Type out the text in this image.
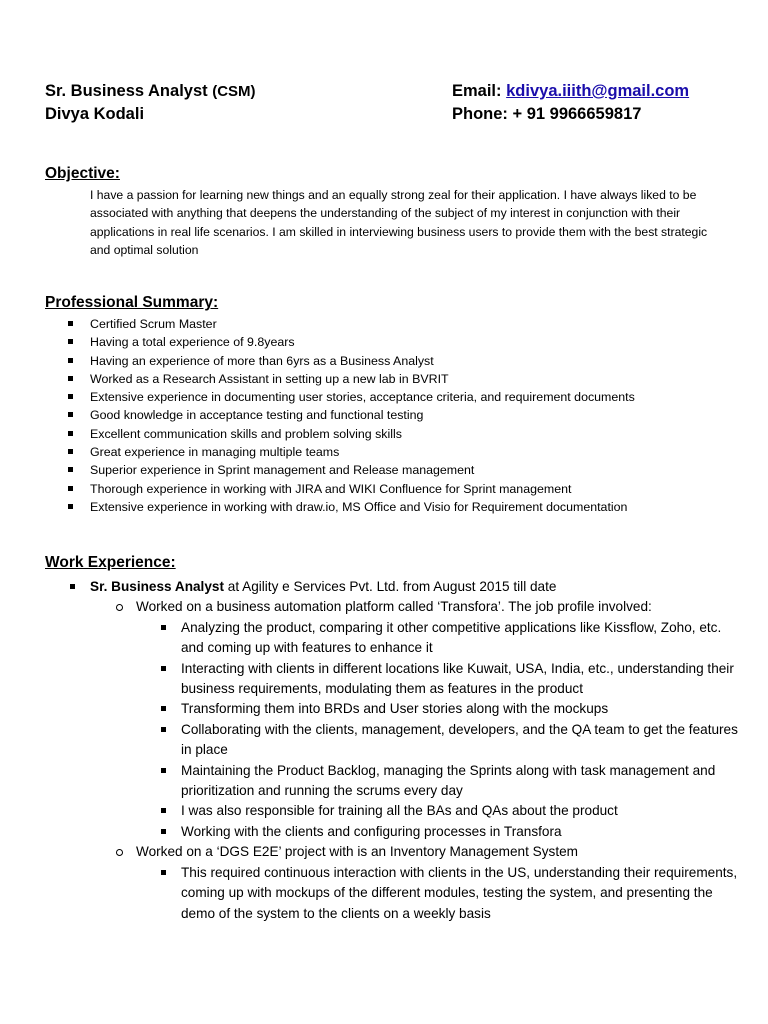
Sr. Business Analyst (CSM)	Email: kdivya.iiith@gmail.com
Divya Kodali	Phone: + 91 9966659817
Objective:
I have a passion for learning new things and an equally strong zeal for their application. I have always liked to be associated with anything that deepens the understanding of the subject of my interest in conjunction with their applications in real life scenarios. I am skilled in interviewing business users to provide them with the best strategic and optimal solution
Professional Summary:
Certified Scrum Master
Having a total experience of 9.8years
Having an experience of more than 6yrs as a Business Analyst
Worked as a Research Assistant in setting up a new lab in BVRIT
Extensive experience in documenting user stories, acceptance criteria, and requirement documents
Good knowledge in acceptance testing and functional testing
Excellent communication skills and problem solving skills
Great experience in managing multiple teams
Superior experience in Sprint management and Release management
Thorough experience in working with JIRA and WIKI Confluence for Sprint management
Extensive experience in working with draw.io, MS Office and Visio for Requirement documentation
Work Experience:
Sr. Business Analyst at Agility e Services Pvt. Ltd. from August 2015 till date
Worked on a business automation platform called ‘Transfora’. The job profile involved:
Analyzing the product, comparing it other competitive applications like Kissflow, Zoho, etc. and coming up with features to enhance it
Interacting with clients in different locations like Kuwait, USA, India, etc., understanding their business requirements, modulating them as features in the product
Transforming them into BRDs and User stories along with the mockups
Collaborating with the clients, management, developers, and the QA team to get the features in place
Maintaining the Product Backlog, managing the Sprints along with task management and prioritization and running the scrums every day
I was also responsible for training all the BAs and QAs about the product
Working with the clients and configuring processes in Transfora
Worked on a ‘DGS E2E’ project with is an Inventory Management System
This required continuous interaction with clients in the US, understanding their requirements, coming up with mockups of the different modules, testing the system, and presenting the demo of the system to the clients on a weekly basis
